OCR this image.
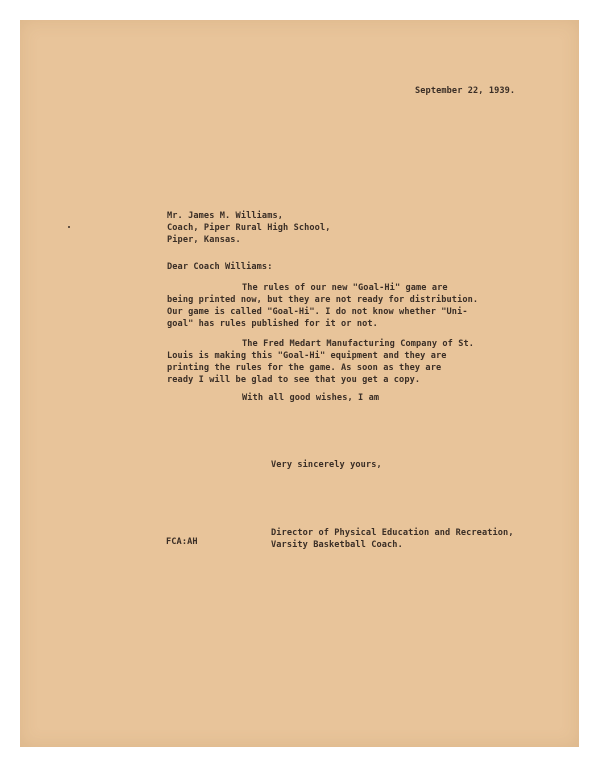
September 22, 1939.
Mr. James M. Williams,
Coach, Piper Rural High School,
Piper, Kansas.
Dear Coach Williams:
The rules of our new "Goal-Hi" game are
being printed now, but they are not ready for distribution.
Our game is called "Goal-Hi". I do not know whether "Uni-
goal" has rules published for it or not.
The Fred Medart Manufacturing Company of St.
Louis is making this "Goal-Hi" equipment and they are
printing the rules for the game. As soon as they are
ready I will be glad to see that you get a copy.
With all good wishes, I am
Very sincerely yours,
Director of Physical Education and Recreation,
Varsity Basketball Coach.
FCA:AH
